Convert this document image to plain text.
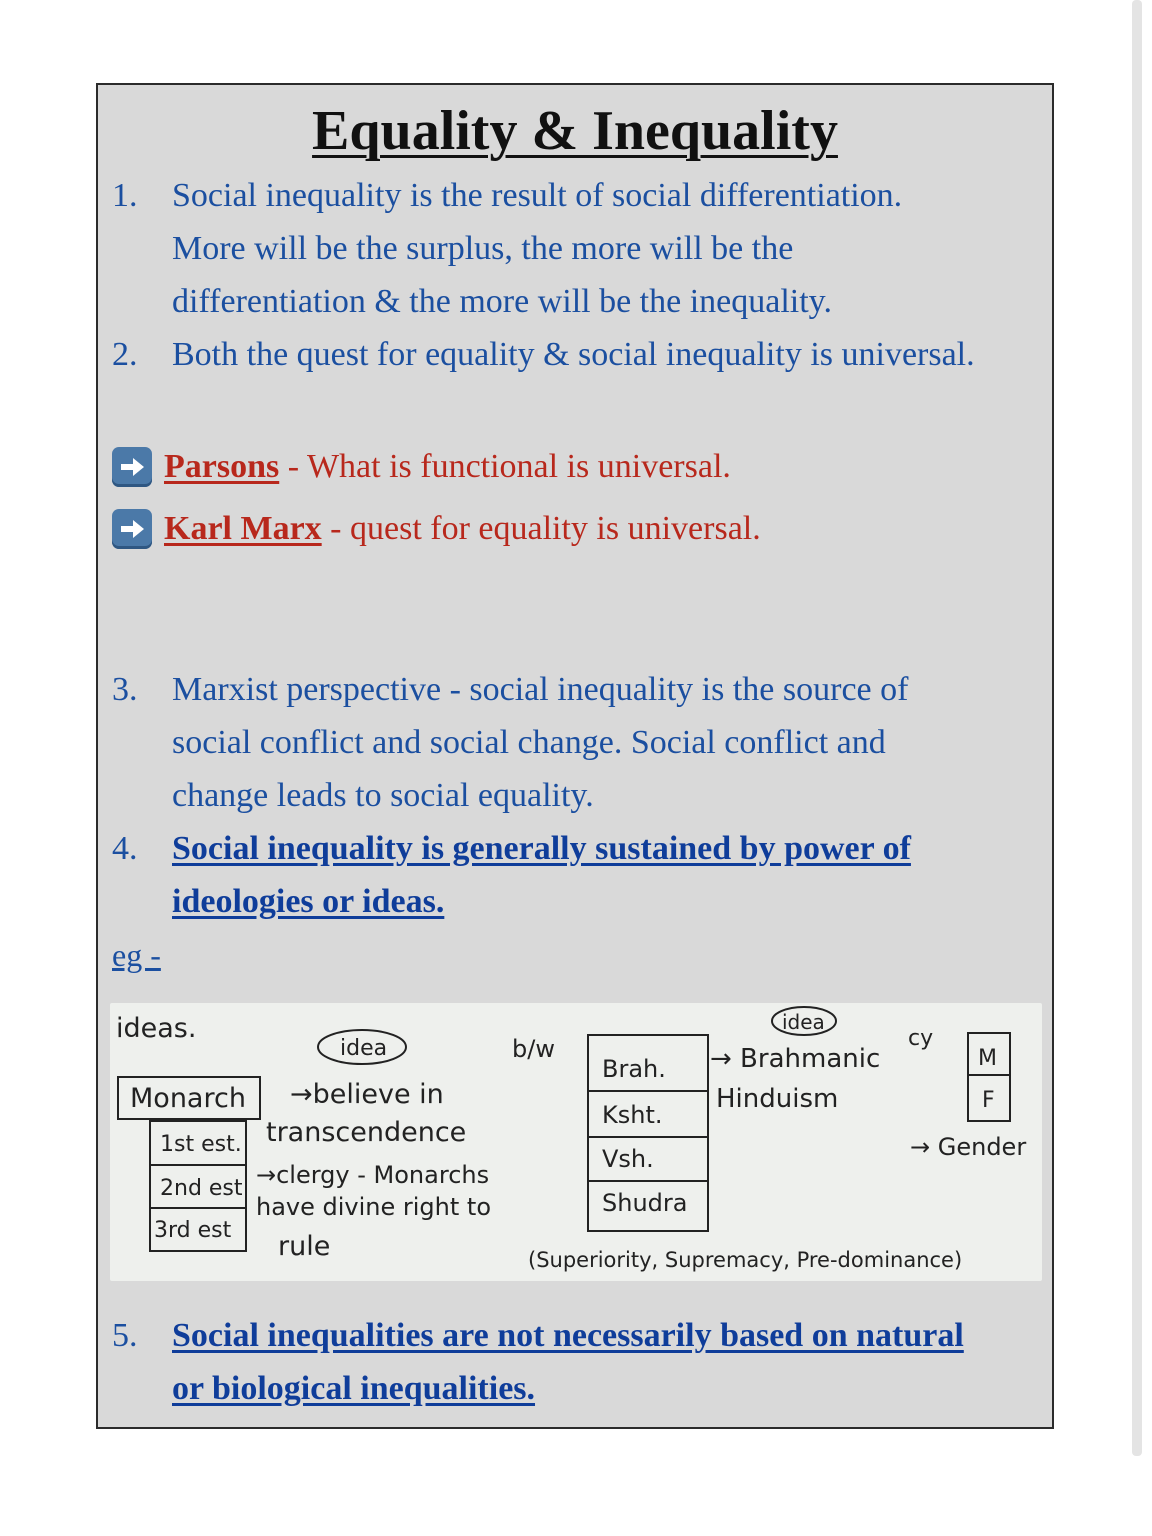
Equality & Inequality
1. Social inequality is the result of social differentiation.
More will be the surplus, the more will be the
differentiation & the more will be the inequality.
2. Both the quest for equality & social inequality is universal.
Parsons - What is functional is universal.
Karl Marx - quest for equality is universal.
3. Marxist perspective - social inequality is the source of
social conflict and social change. Social conflict and
change leads to social equality.
4. Social inequality is generally sustained by power of
ideologies or ideas.
eg -
ideas.
idea
Monarch
1st est.
2nd est
3rd est
→believe in
transcendence
→clergy - Monarchs
have divine right to
rule
b/w
Brah.
Ksht.
Vsh.
Shudra
idea
→ Brahmanic
Hinduism
cy
M
F
→ Gender
(Superiority, Supremacy, Pre-dominance)
5. Social inequalities are not necessarily based on natural
or biological inequalities.
